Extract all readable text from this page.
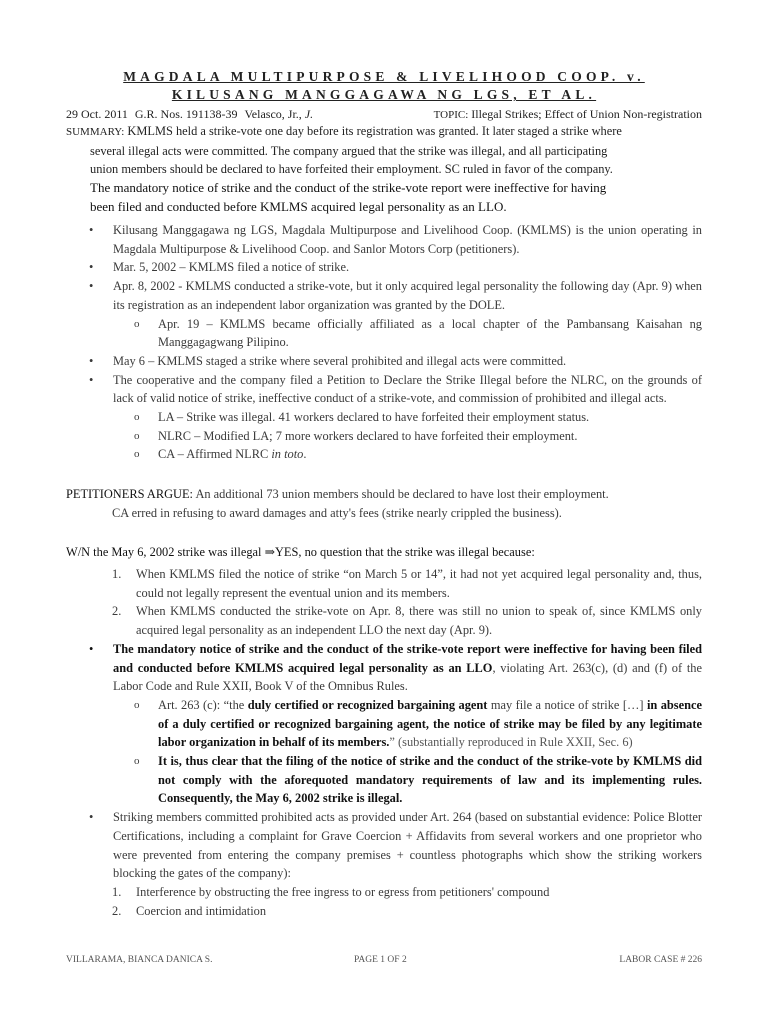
MAGDALA MULTIPURPOSE & LIVELIHOOD COOP. v.
KILUSANG MANGGAGAWA NG LGS, ET AL.
29 Oct. 2011 G.R. Nos. 191138-39 Velasco, Jr., J.	TOPIC: Illegal Strikes; Effect of Union Non-registration
SUMMARY: KMLMS held a strike-vote one day before its registration was granted. It later staged a strike where
several illegal acts were committed. The company argued that the strike was illegal, and all participating
union members should be declared to have forfeited their employment. SC ruled in favor of the company.
The mandatory notice of strike and the conduct of the strike-vote report were ineffective for having
been filed and conducted before KMLMS acquired legal personality as an LLO.
• Kilusang Manggagawa ng LGS, Magdala Multipurpose and Livelihood Coop. (KMLMS) is the union operating in Magdala Multipurpose & Livelihood Coop. and Sanlor Motors Corp (petitioners).
• Mar. 5, 2002 – KMLMS filed a notice of strike.
• Apr. 8, 2002 - KMLMS conducted a strike-vote, but it only acquired legal personality the following day (Apr. 9) when its registration as an independent labor organization was granted by the DOLE.
o Apr. 19 – KMLMS became officially affiliated as a local chapter of the Pambansang Kaisahan ng Manggagagwang Pilipino.
• May 6 – KMLMS staged a strike where several prohibited and illegal acts were committed.
• The cooperative and the company filed a Petition to Declare the Strike Illegal before the NLRC, on the grounds of lack of valid notice of strike, ineffective conduct of a strike-vote, and commission of prohibited and illegal acts.
o LA – Strike was illegal. 41 workers declared to have forfeited their employment status.
o NLRC – Modified LA; 7 more workers declared to have forfeited their employment.
o CA – Affirmed NLRC in toto.
PETITIONERS ARGUE: An additional 73 union members should be declared to have lost their employment.
CA erred in refusing to award damages and atty's fees (strike nearly crippled the business).
W/N the May 6, 2002 strike was illegal ⇒YES, no question that the strike was illegal because:
1. When KMLMS filed the notice of strike “on March 5 or 14”, it had not yet acquired legal personality and, thus, could not legally represent the eventual union and its members.
2. When KMLMS conducted the strike-vote on Apr. 8, there was still no union to speak of, since KMLMS only acquired legal personality as an independent LLO the next day (Apr. 9).
• The mandatory notice of strike and the conduct of the strike-vote report were ineffective for having been filed and conducted before KMLMS acquired legal personality as an LLO, violating Art. 263(c), (d) and (f) of the Labor Code and Rule XXII, Book V of the Omnibus Rules.
o Art. 263 (c): “the duly certified or recognized bargaining agent may file a notice of strike […] in absence of a duly certified or recognized bargaining agent, the notice of strike may be filed by any legitimate labor organization in behalf of its members.” (substantially reproduced in Rule XXII, Sec. 6)
o It is, thus clear that the filing of the notice of strike and the conduct of the strike-vote by KMLMS did not comply with the aforequoted mandatory requirements of law and its implementing rules. Consequently, the May 6, 2002 strike is illegal.
• Striking members committed prohibited acts as provided under Art. 264 (based on substantial evidence: Police Blotter Certifications, including a complaint for Grave Coercion + Affidavits from several workers and one proprietor who were prevented from entering the company premises + countless photographs which show the striking workers blocking the gates of the company):
1. Interference by obstructing the free ingress to or egress from petitioners' compound
2. Coercion and intimidation
VILLARAMA, BIANCA DANICA S.	PAGE 1 OF 2	LABOR CASE # 226
